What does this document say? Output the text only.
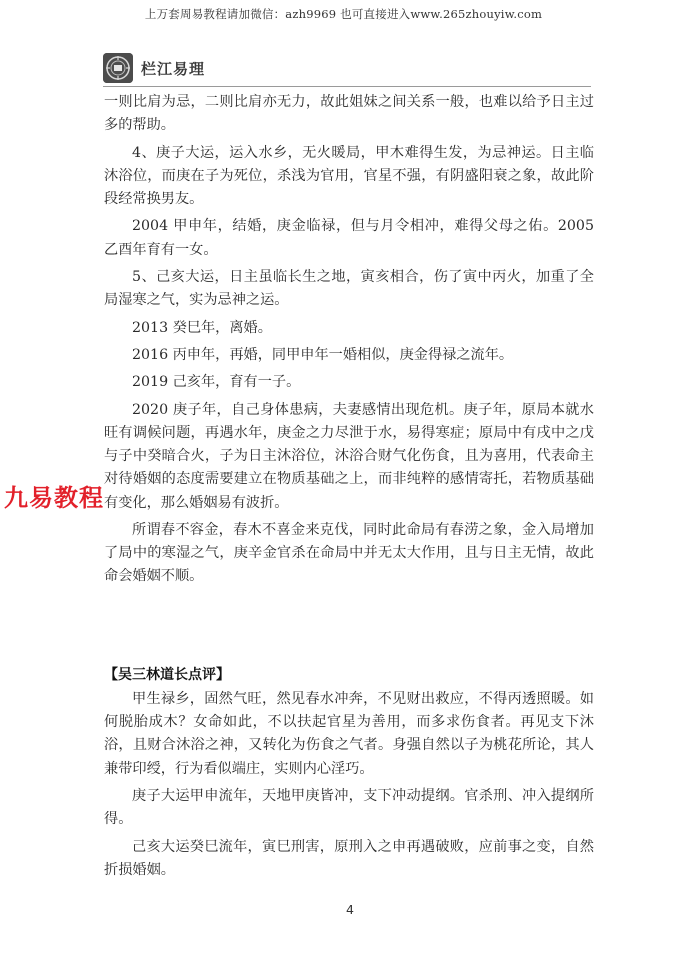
上万套周易教程请加微信：azh9969 也可直接进入www.265zhouyiw.com
栏江易理

一则比肩为忌，二则比肩亦无力，故此姐妹之间关系一般，也难以给予日主过多的帮助。

4、庚子大运，运入水乡，无火暖局，甲木难得生发，为忌神运。日主临沐浴位，而庚在子为死位，杀浅为官用，官星不强，有阴盛阳衰之象，故此阶段经常换男友。

2004 甲申年，结婚，庚金临禄，但与月令相冲，难得父母之佑。2005 乙酉年育有一女。

5、己亥大运，日主虽临长生之地，寅亥相合，伤了寅中丙火，加重了全局湿寒之气，实为忌神之运。

2013 癸巳年，离婚。

2016 丙申年，再婚，同甲申年一婚相似，庚金得禄之流年。

2019 己亥年，育有一子。

2020 庚子年，自己身体患病，夫妻感情出现危机。庚子年，原局本就水旺有调候问题，再遇水年，庚金之力尽泄于水，易得寒症；原局中有戌中之戊与子中癸暗合火，子为日主沐浴位，沐浴合财气化伤食，且为喜用，代表命主对待婚姻的态度需要建立在物质基础之上，而非纯粹的感情寄托，若物质基础有变化，那么婚姻易有波折。

所谓春不容金，春木不喜金来克伐，同时此命局有春涝之象，金入局增加了局中的寒湿之气，庚辛金官杀在命局中并无太大作用，且与日主无情，故此命会婚姻不顺。

【吴三林道长点评】

甲生禄乡，固然气旺，然见春水冲奔，不见财出救应，不得丙透照暖。如何脱胎成木？女命如此，不以扶起官星为善用，而多求伤食者。再见支下沐浴，且财合沐浴之神，又转化为伤食之气者。身强自然以子为桃花所论，其人兼带印绶，行为看似端庄，实则内心淫巧。

庚子大运甲申流年，天地甲庚皆冲，支下冲动提纲。官杀刑、冲入提纲所得。

己亥大运癸巳流年，寅巳刑害，原刑入之申再遇破败，应前事之变，自然折损婚姻。

九易教程
4
